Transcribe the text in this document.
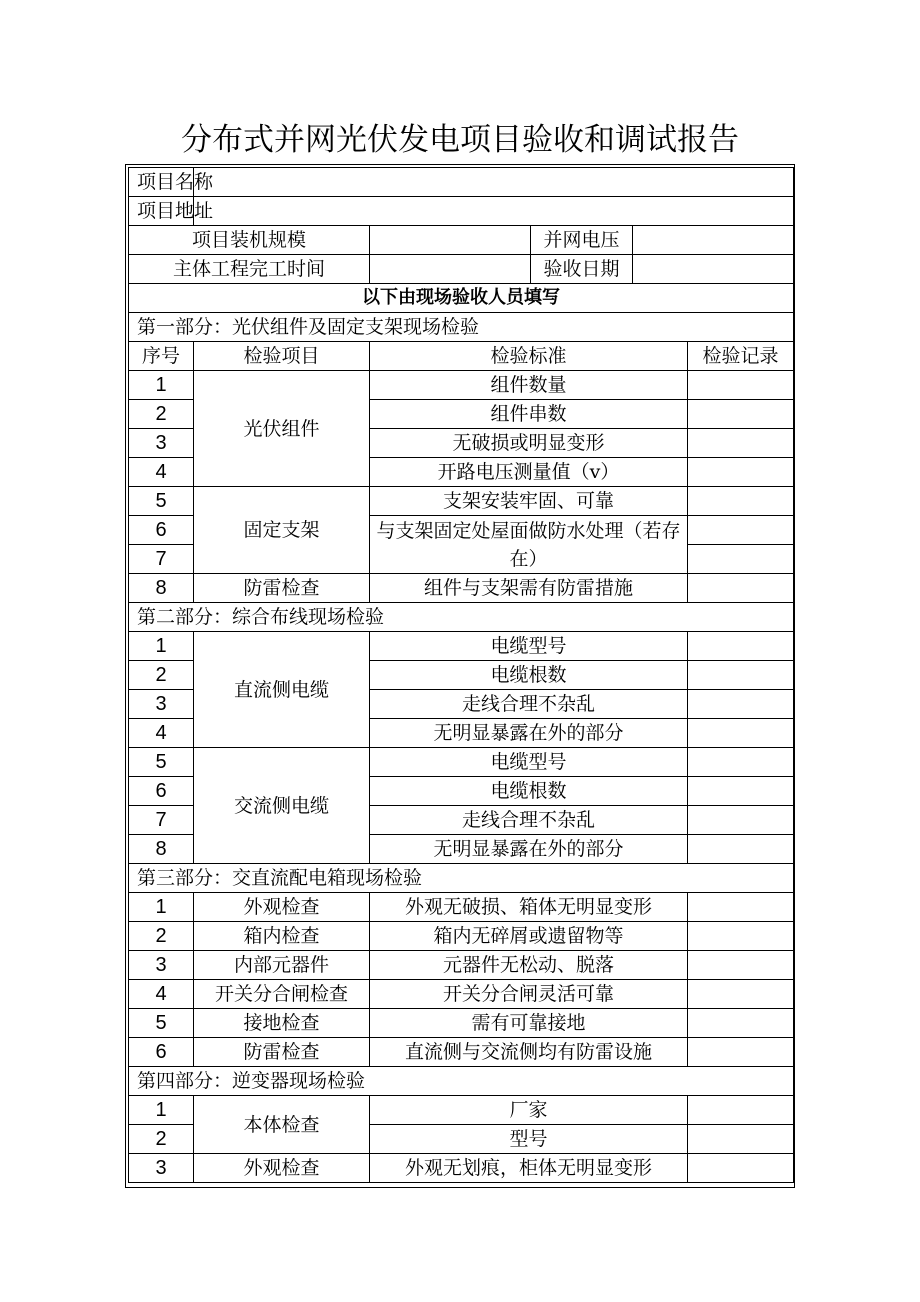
分布式并网光伏发电项目验收和调试报告
项目名称					
项目地址					
项目装机规模			并网电压		
主体工程完工时间			验收日期		
以下由现场验收人员填写					
第一部分：光伏组件及固定支架现场检验					
序号	检验项目	检验标准			检验记录
1	光伏组件	组件数量			
2		组件串数			
3		无破损或明显变形			
4		开路电压测量值（v）			
5	固定支架	支架安装牢固、可靠			
6		与支架固定处屋面做防水处理（若存在）			
7					
8	防雷检查	组件与支架需有防雷措施			
第二部分：综合布线现场检验					
1	直流侧电缆	电缆型号			
2		电缆根数			
3		走线合理不杂乱			
4		无明显暴露在外的部分			
5	交流侧电缆	电缆型号			
6		电缆根数			
7		走线合理不杂乱			
8		无明显暴露在外的部分			
第三部分：交直流配电箱现场检验					
1	外观检查	外观无破损、箱体无明显变形			
2	箱内检查	箱内无碎屑或遗留物等			
3	内部元器件	元器件无松动、脱落			
4	开关分合闸检查	开关分合闸灵活可靠			
5	接地检查	需有可靠接地			
6	防雷检查	直流侧与交流侧均有防雷设施			
第四部分：逆变器现场检验					
1	本体检查	厂家			
2		型号			
3	外观检查	外观无划痕，柜体无明显变形			
